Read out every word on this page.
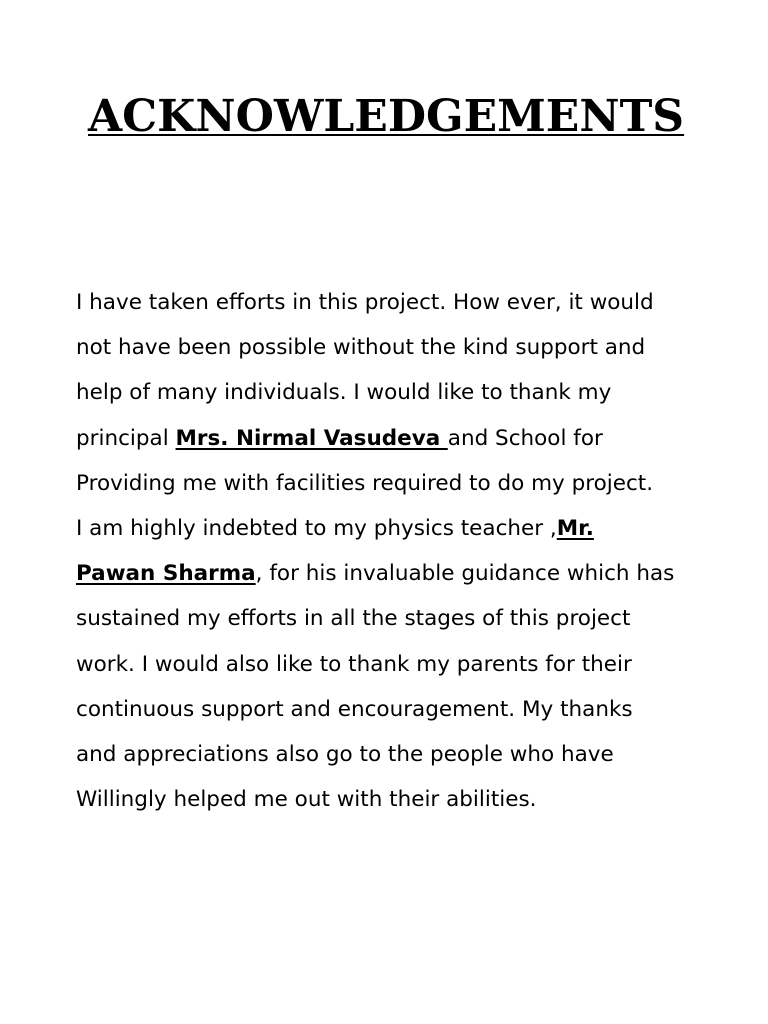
ACKNOWLEDGEMENTS
I have taken efforts in this project. How ever, it would
not have been possible without the kind support and
help of many individuals. I would like to thank my
principal Mrs. Nirmal Vasudeva and School for
Providing me with facilities required to do my project.
I am highly indebted to my physics teacher ,Mr.
Pawan Sharma, for his invaluable guidance which has
sustained my efforts in all the stages of this project
work. I would also like to thank my parents for their
continuous support and encouragement. My thanks
and appreciations also go to the people who have
Willingly helped me out with their abilities.
